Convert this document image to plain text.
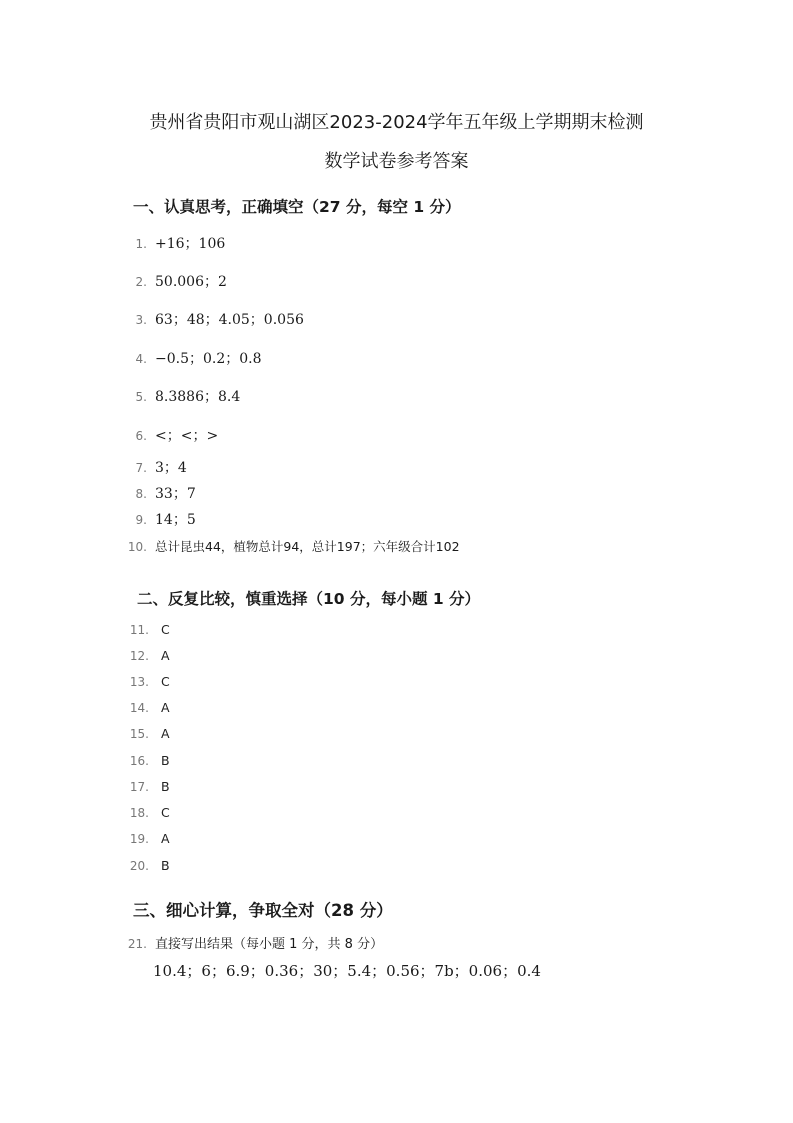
贵州省贵阳市观山湖区2023-2024学年五年级上学期期末检测
数学试卷参考答案
一、认真思考，正确填空（27 分，每空 1 分）
1. +16；106
2. 50.006；2
3. 63；48；4.05；0.056
4. −0.5；0.2；0.8
5. 8.3886；8.4
6. <；<；>
7. 3；4
8. 33；7
9. 14；5
10. 总计昆虫44，植物总计94，总计197；六年级合计102
二、反复比较，慎重选择（10 分，每小题 1 分）
11. C
12. A
13. C
14. A
15. A
16. B
17. B
18. C
19. A
20. B
三、细心计算，争取全对（28 分）
21. 直接写出结果（每小题 1 分，共 8 分）
10.4；6；6.9；0.36；30；5.4；0.56；7b；0.06；0.4
